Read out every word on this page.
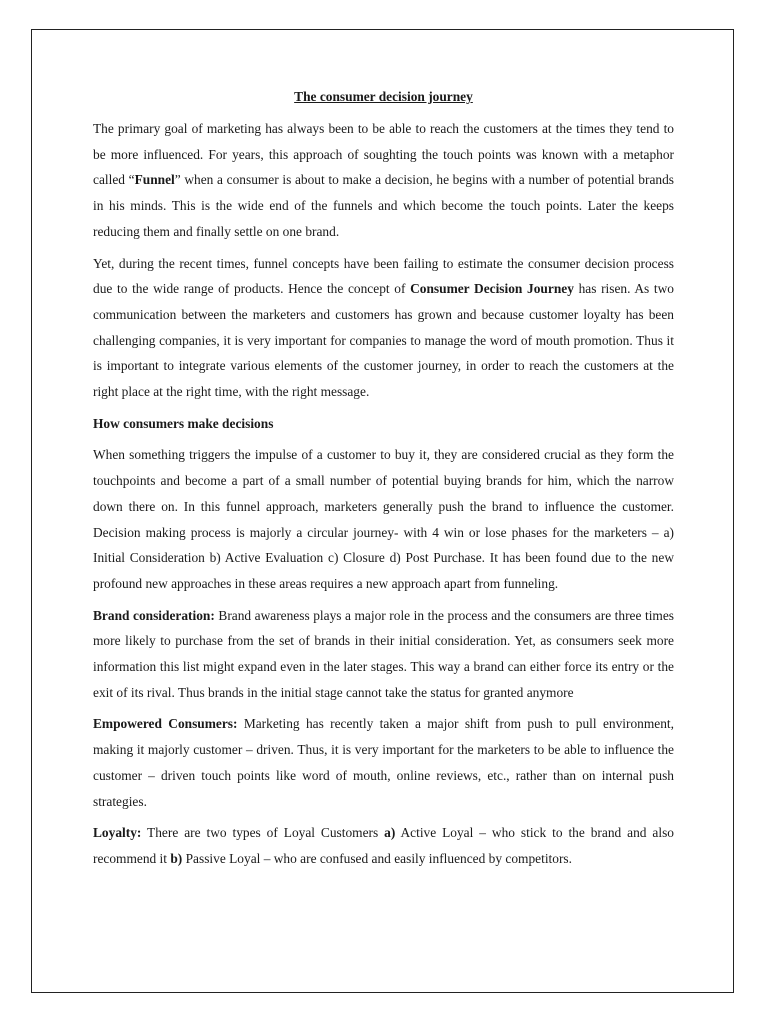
The consumer decision journey

The primary goal of marketing has always been to be able to reach the customers at the times they tend to be more influenced. For years, this approach of soughting the touch points was known with a metaphor called “Funnel” when a consumer is about to make a decision, he begins with a number of potential brands in his minds. This is the wide end of the funnels and which become the touch points. Later the keeps reducing them and finally settle on one brand.

Yet, during the recent times, funnel concepts have been failing to estimate the consumer decision process due to the wide range of products. Hence the concept of Consumer Decision Journey has risen. As two communication between the marketers and customers has grown and because customer loyalty has been challenging companies, it is very important for companies to manage the word of mouth promotion. Thus it is important to integrate various elements of the customer journey, in order to reach the customers at the right place at the right time, with the right message.

How consumers make decisions

When something triggers the impulse of a customer to buy it, they are considered crucial as they form the touchpoints and become a part of a small number of potential buying brands for him, which the narrow down there on. In this funnel approach, marketers generally push the brand to influence the customer. Decision making process is majorly a circular journey- with 4 win or lose phases for the marketers – a) Initial Consideration b) Active Evaluation c) Closure d) Post Purchase. It has been found due to the new profound new approaches in these areas requires a new approach apart from funneling.

Brand consideration: Brand awareness plays a major role in the process and the consumers are three times more likely to purchase from the set of brands in their initial consideration. Yet, as consumers seek more information this list might expand even in the later stages. This way a brand can either force its entry or the exit of its rival. Thus brands in the initial stage cannot take the status for granted anymore

Empowered Consumers: Marketing has recently taken a major shift from push to pull environment, making it majorly customer – driven. Thus, it is very important for the marketers to be able to influence the customer – driven touch points like word of mouth, online reviews, etc., rather than on internal push strategies.

Loyalty: There are two types of Loyal Customers a) Active Loyal – who stick to the brand and also recommend it b) Passive Loyal – who are confused and easily influenced by competitors.
